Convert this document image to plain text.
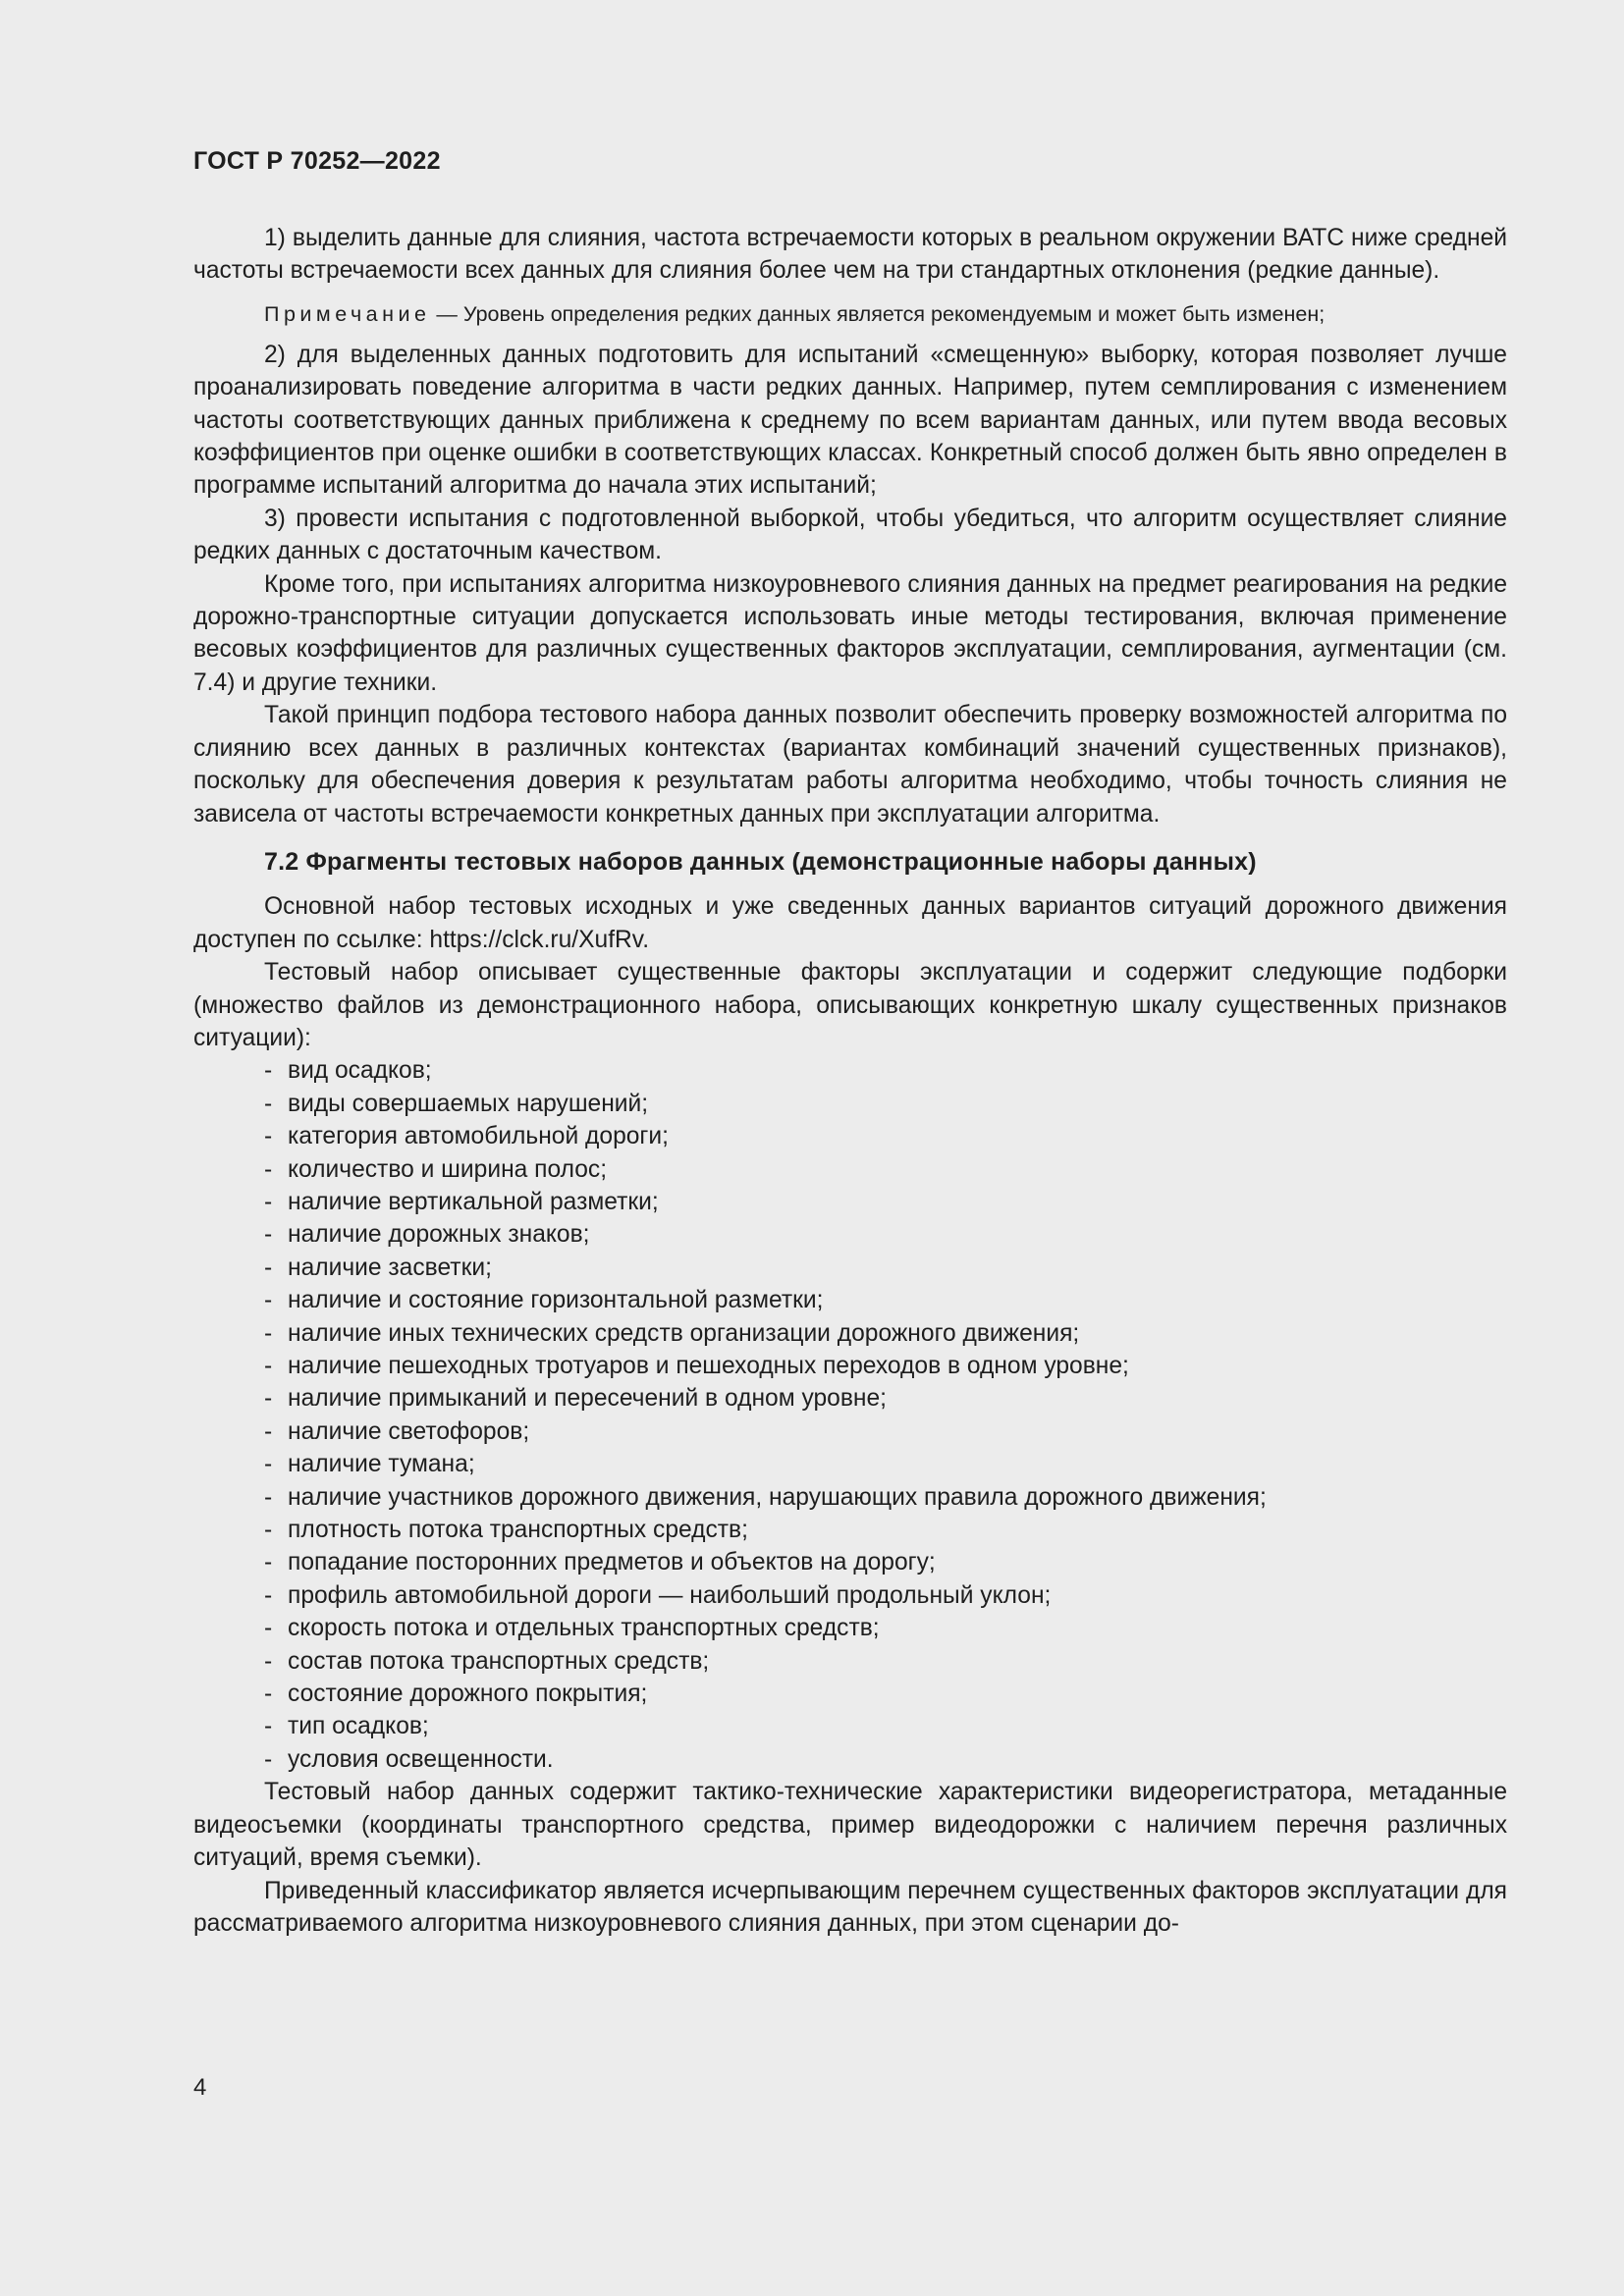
ГОСТ Р 70252—2022

1) выделить данные для слияния, частота встречаемости которых в реальном окружении ВАТС ниже средней частоты встречаемости всех данных для слияния более чем на три стандартных отклонения (редкие данные).

Примечание — Уровень определения редких данных является рекомендуемым и может быть изменен;

2) для выделенных данных подготовить для испытаний «смещенную» выборку, которая позволяет лучше проанализировать поведение алгоритма в части редких данных. Например, путем семплирования с изменением частоты соответствующих данных приближена к среднему по всем вариантам данных, или путем ввода весовых коэффициентов при оценке ошибки в соответствующих классах. Конкретный способ должен быть явно определен в программе испытаний алгоритма до начала этих испытаний;

3) провести испытания с подготовленной выборкой, чтобы убедиться, что алгоритм осуществляет слияние редких данных с достаточным качеством.

Кроме того, при испытаниях алгоритма низкоуровневого слияния данных на предмет реагирования на редкие дорожно-транспортные ситуации допускается использовать иные методы тестирования, включая применение весовых коэффициентов для различных существенных факторов эксплуатации, семплирования, аугментации (см. 7.4) и другие техники.

Такой принцип подбора тестового набора данных позволит обеспечить проверку возможностей алгоритма по слиянию всех данных в различных контекстах (вариантах комбинаций значений существенных признаков), поскольку для обеспечения доверия к результатам работы алгоритма необходимо, чтобы точность слияния не зависела от частоты встречаемости конкретных данных при эксплуатации алгоритма.

7.2 Фрагменты тестовых наборов данных (демонстрационные наборы данных)

Основной набор тестовых исходных и уже сведенных данных вариантов ситуаций дорожного движения доступен по ссылке: https://clck.ru/XufRv.

Тестовый набор описывает существенные факторы эксплуатации и содержит следующие подборки (множество файлов из демонстрационного набора, описывающих конкретную шкалу существенных признаков ситуации):

- вид осадков;
- виды совершаемых нарушений;
- категория автомобильной дороги;
- количество и ширина полос;
- наличие вертикальной разметки;
- наличие дорожных знаков;
- наличие засветки;
- наличие и состояние горизонтальной разметки;
- наличие иных технических средств организации дорожного движения;
- наличие пешеходных тротуаров и пешеходных переходов в одном уровне;
- наличие примыканий и пересечений в одном уровне;
- наличие светофоров;
- наличие тумана;
- наличие участников дорожного движения, нарушающих правила дорожного движения;
- плотность потока транспортных средств;
- попадание посторонних предметов и объектов на дорогу;
- профиль автомобильной дороги — наибольший продольный уклон;
- скорость потока и отдельных транспортных средств;
- состав потока транспортных средств;
- состояние дорожного покрытия;
- тип осадков;
- условия освещенности.

Тестовый набор данных содержит тактико-технические характеристики видеорегистратора, метаданные видеосъемки (координаты транспортного средства, пример видеодорожки с наличием перечня различных ситуаций, время съемки).

Приведенный классификатор является исчерпывающим перечнем существенных факторов эксплуатации для рассматриваемого алгоритма низкоуровневого слияния данных, при этом сценарии до-

4
